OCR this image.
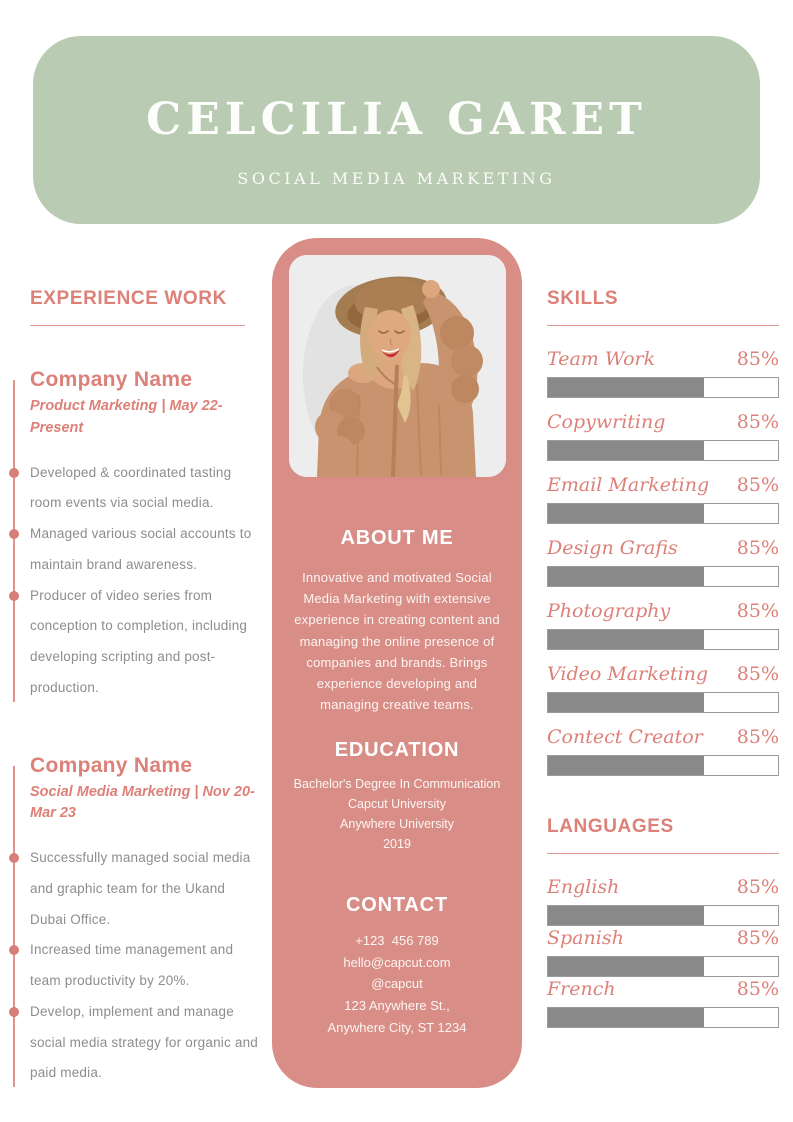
CELCILIA GARET
SOCIAL MEDIA MARKETING
EXPERIENCE WORK
Company Name
Product Marketing | May 22-Present
Developed & coordinated tasting room events via social media.
Managed various social accounts to maintain brand awareness.
Producer of video series from conception to completion, including developing scripting and post-production.
Company Name
Social Media Marketing | Nov 20-Mar 23
Successfully managed social media and graphic team for the Ukand Dubai Office.
Increased time management and team productivity by 20%.
Develop, implement and manage social media strategy for organic and paid media.
ABOUT ME

Innovative and motivated Social Media Marketing with extensive experience in creating content and managing the online presence of companies and brands. Brings experience developing and managing creative teams.

EDUCATION
Bachelor's Degree In Communication
Capcut University
Anywhere University
2019
CONTACT
+123  456 789
hello@capcut.com
@capcut
123 Anywhere St.,
Anywhere City, ST 1234
SKILLS
Team Work	85%
Copywriting	85%
Email Marketing 85%
Design Grafis	85%
Photography	85%
Video Marketing 85%
Contect Creator 85%
LANGUAGES
English	85%
Spanish	85%
French	85%
